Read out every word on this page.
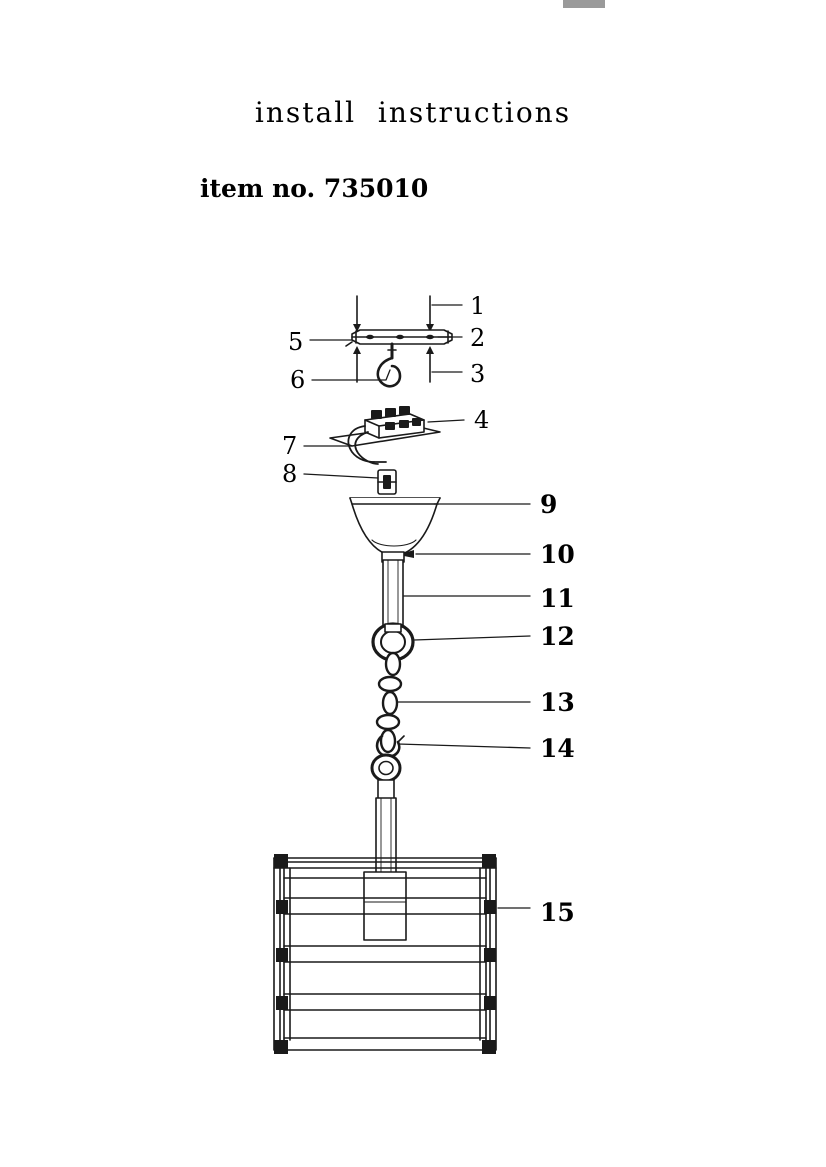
install  instructions
item no. 735010
1
2
3
4
5
6
7
8
9
10
11
12
13
14
15
